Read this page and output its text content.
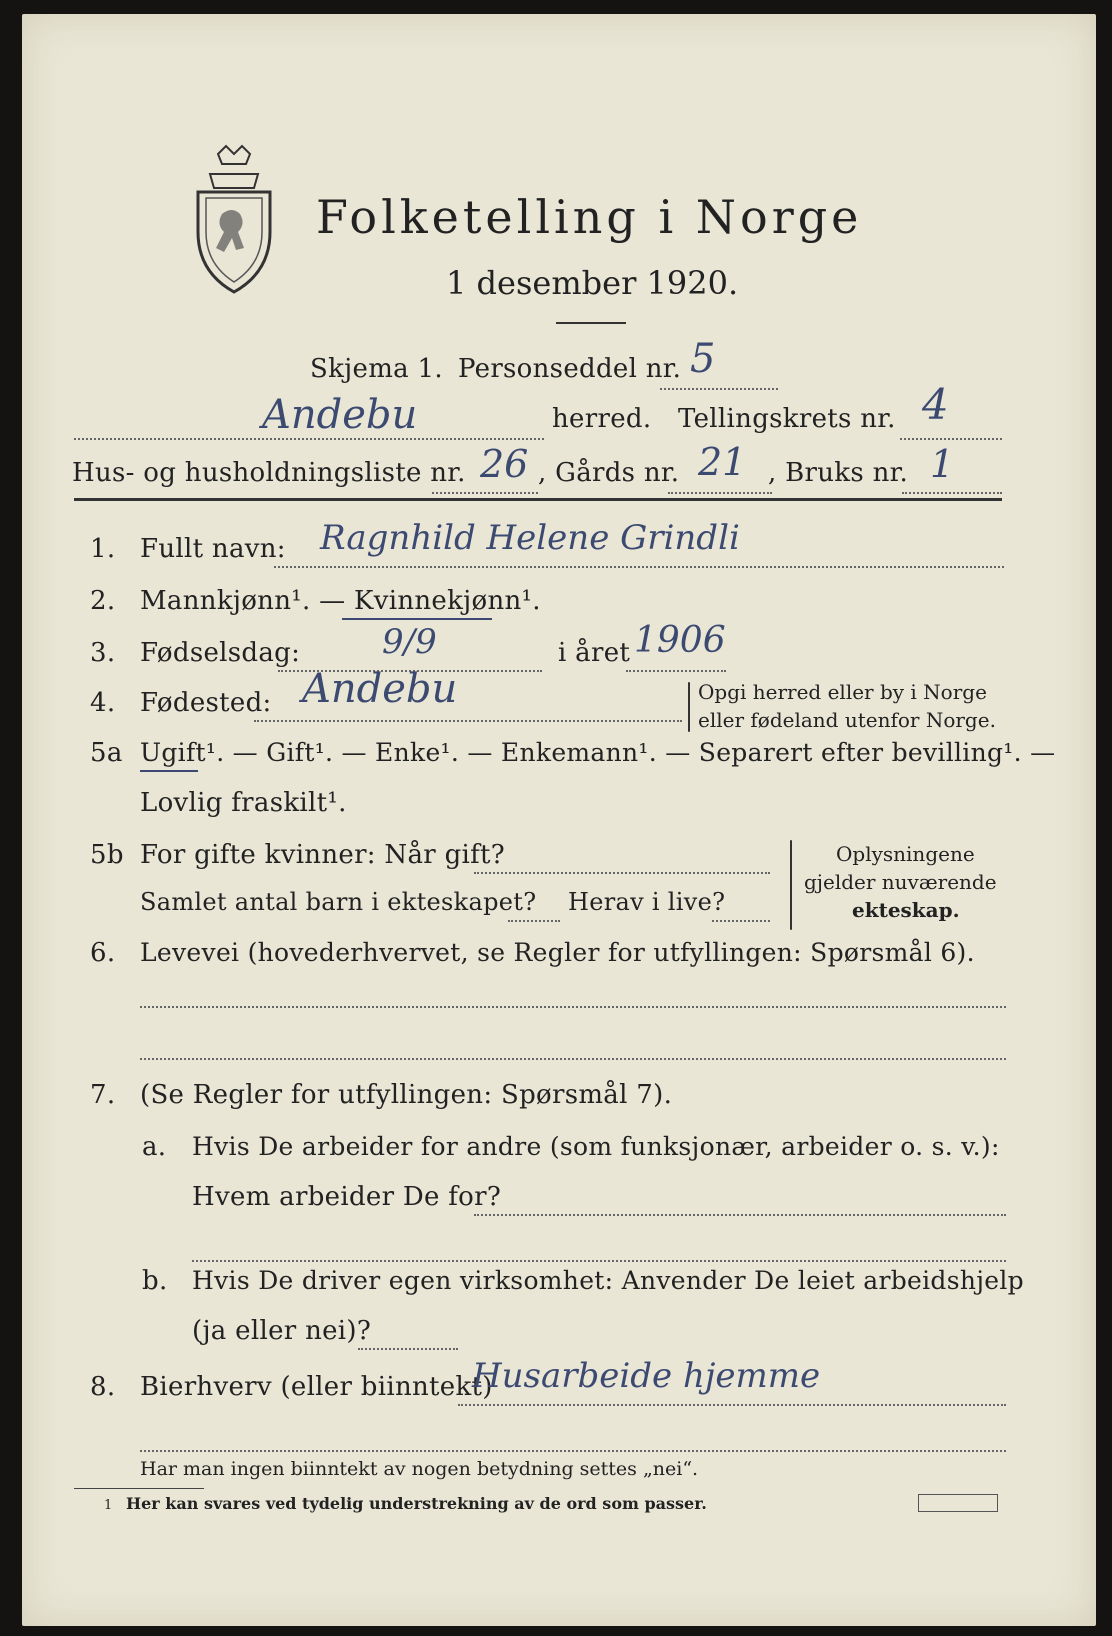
Folketelling i Norge
1 desember 1920.
Skjema 1. Personseddel nr. 5
Andebu	herred. Tellingskrets nr. 4
Hus- og husholdningsliste nr. 26 , Gårds nr. 21 , Bruks nr. 1
1. Fullt navn: Ragnhild Helene Grindli
2. Mannkjønn¹. — Kvinnekjønn¹.
3. Fødselsdag: 9/9	i året 1906
4. Fødested: Andebu	Opgi herred eller by i Norge
eller fødeland utenfor Norge.
5a Ugift¹. — Gift¹. — Enke¹. — Enkemann¹. — Separert efter bevilling¹. —
Lovlig fraskilt¹.
5b For gifte kvinner: Når gift?
Samlet antal barn i ekteskapet? Herav i live?
Oplysningene
gjelder nuværende
ekteskap.
6. Levevei (hovederhvervet, se Regler for utfyllingen: Spørsmål 6).
7. (Se Regler for utfyllingen: Spørsmål 7).
a. Hvis De arbeider for andre (som funksjonær, arbeider o. s. v.):
Hvem arbeider De for?
b. Hvis De driver egen virksomhet: Anvender De leiet arbeidshjelp
(ja eller nei)?
8. Bierhverv (eller biinntekt)
Husarbeide hjemme
Har man ingen biinntekt av nogen betydning settes „nei“.
1 Her kan svares ved tydelig understrekning av de ord som passer.
